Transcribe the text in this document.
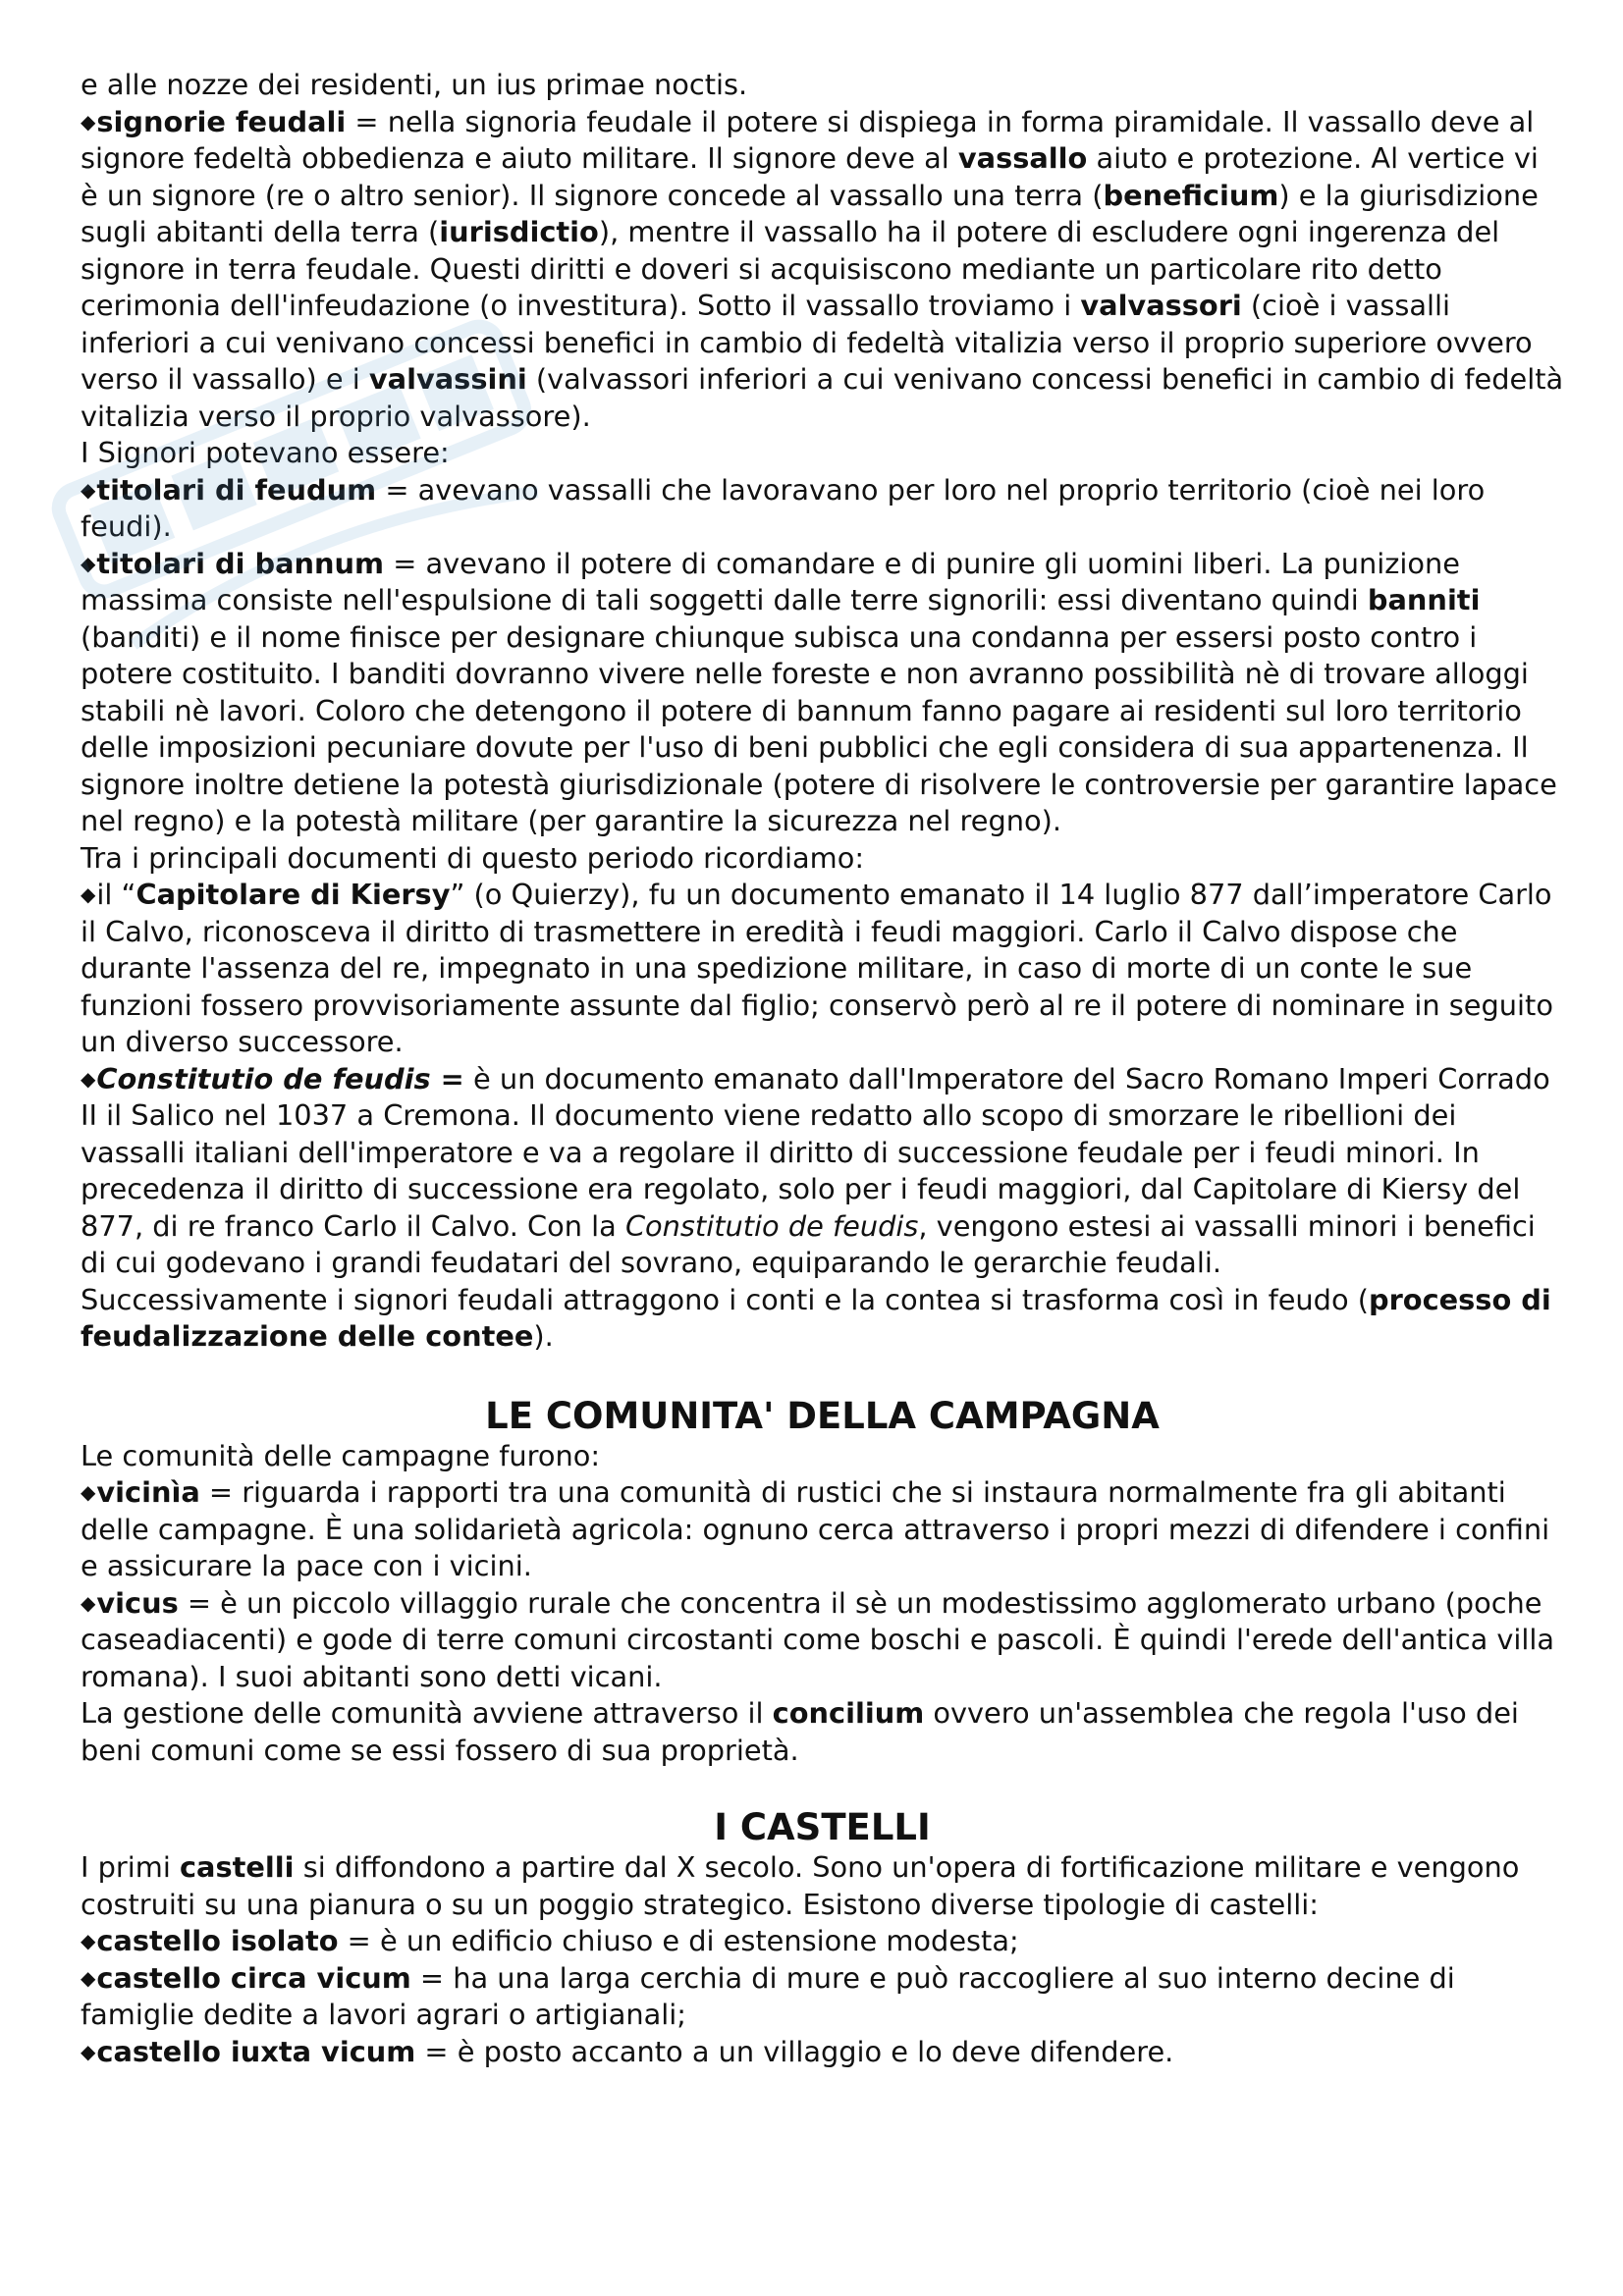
e alle nozze dei residenti, un ius primae noctis.

◆signorie feudali = nella signoria feudale il potere si dispiega in forma piramidale. Il vassallo deve al signore fedeltà obbedienza e aiuto militare. Il signore deve al vassallo aiuto e protezione. Al vertice vi è un signore (re o altro senior). Il signore concede al vassallo una terra (beneficium) e la giurisdizione sugli abitanti della terra (iurisdictio), mentre il vassallo ha il potere di escludere ogni ingerenza del signore in terra feudale. Questi diritti e doveri si acquisiscono mediante un particolare rito detto cerimonia dell'infeudazione (o investitura). Sotto il vassallo troviamo i valvassori (cioè i vassalli inferiori a cui venivano concessi benefici in cambio di fedeltà vitalizia verso il proprio superiore ovvero verso il vassallo) e i valvassini (valvassori inferiori a cui venivano concessi benefici in cambio di fedeltà vitalizia verso il proprio valvassore).

I Signori potevano essere:

◆titolari di feudum = avevano vassalli che lavoravano per loro nel proprio territorio (cioè nei loro feudi).

◆titolari di bannum = avevano il potere di comandare e di punire gli uomini liberi. La punizione massima consiste nell'espulsione di tali soggetti dalle terre signorili: essi diventano quindi banniti (banditi) e il nome finisce per designare chiunque subisca una condanna per essersi posto contro i potere costituito. I banditi dovranno vivere nelle foreste e non avranno possibilità nè di trovare alloggi stabili nè lavori. Coloro che detengono il potere di bannum fanno pagare ai residenti sul loro territorio delle imposizioni pecuniare dovute per l'uso di beni pubblici che egli considera di sua appartenenza. Il signore inoltre detiene la potestà giurisdizionale (potere di risolvere le controversie per garantire lapace nel regno) e la potestà militare (per garantire la sicurezza nel regno).

Tra i principali documenti di questo periodo ricordiamo:

◆il “Capitolare di Kiersy” (o Quierzy), fu un documento emanato il 14 luglio 877 dall’imperatore Carlo il Calvo, riconosceva il diritto di trasmettere in eredità i feudi maggiori. Carlo il Calvo dispose che durante l'assenza del re, impegnato in una spedizione militare, in caso di morte di un conte le sue funzioni fossero provvisoriamente assunte dal figlio; conservò però al re il potere di nominare in seguito un diverso successore.

◆Constitutio de feudis = è un documento emanato dall'Imperatore del Sacro Romano Imperi Corrado II il Salico nel 1037 a Cremona. Il documento viene redatto allo scopo di smorzare le ribellioni dei vassalli italiani dell'imperatore e va a regolare il diritto di successione feudale per i feudi minori. In precedenza il diritto di successione era regolato, solo per i feudi maggiori, dal Capitolare di Kiersy del 877, di re franco Carlo il Calvo. Con la Constitutio de feudis, vengono estesi ai vassalli minori i benefici di cui godevano i grandi feudatari del sovrano, equiparando le gerarchie feudali.

Successivamente i signori feudali attraggono i conti e la contea si trasforma così in feudo (processo di feudalizzazione delle contee).

LE COMUNITA' DELLA CAMPAGNA

Le comunità delle campagne furono:

◆vicinìa = riguarda i rapporti tra una comunità di rustici che si instaura normalmente fra gli abitanti delle campagne. È una solidarietà agricola: ognuno cerca attraverso i propri mezzi di difendere i confini e assicurare la pace con i vicini.

◆vicus = è un piccolo villaggio rurale che concentra il sè un modestissimo agglomerato urbano (poche caseadiacenti) e gode di terre comuni circostanti come boschi e pascoli. È quindi l'erede dell'antica villa romana). I suoi abitanti sono detti vicani.

La gestione delle comunità avviene attraverso il concilium ovvero un'assemblea che regola l'uso dei beni comuni come se essi fossero di sua proprietà.

I CASTELLI

I primi castelli si diffondono a partire dal X secolo. Sono un'opera di fortificazione militare e vengono costruiti su una pianura o su un poggio strategico. Esistono diverse tipologie di castelli:

◆castello isolato = è un edificio chiuso e di estensione modesta;

◆castello circa vicum = ha una larga cerchia di mure e può raccogliere al suo interno decine di famiglie dedite a lavori agrari o artigianali;

◆castello iuxta vicum = è posto accanto a un villaggio e lo deve difendere.
